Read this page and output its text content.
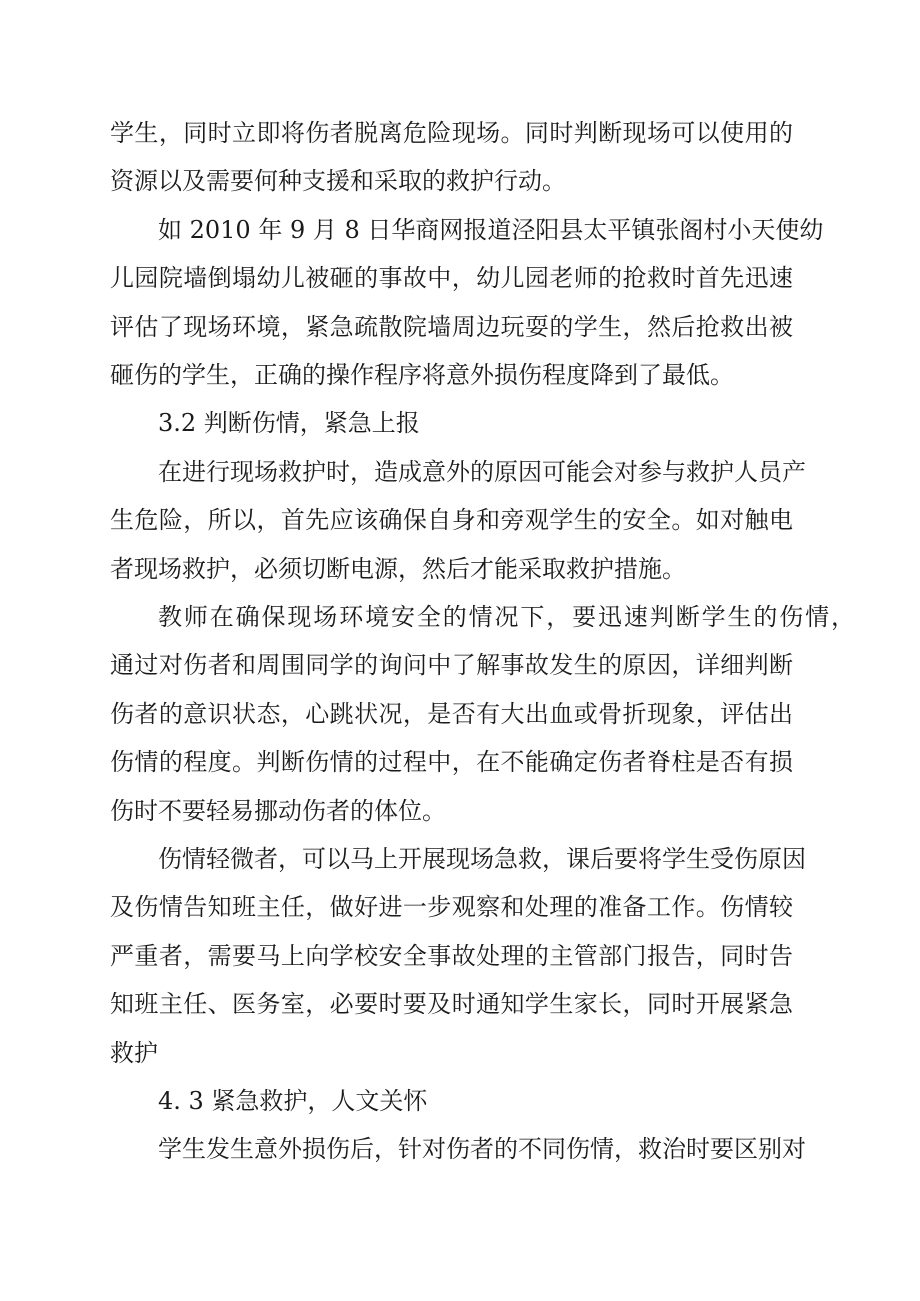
学生，同时立即将伤者脱离危险现场。同时判断现场可以使用的
资源以及需要何种支援和采取的救护行动。
如 2010 年 9 月 8 日华商网报道泾阳县太平镇张阁村小天使幼
儿园院墙倒塌幼儿被砸的事故中，幼儿园老师的抢救时首先迅速
评估了现场环境，紧急疏散院墙周边玩耍的学生，然后抢救出被
砸伤的学生，正确的操作程序将意外损伤程度降到了最低。
3.2 判断伤情，紧急上报
在进行现场救护时，造成意外的原因可能会对参与救护人员产
生危险，所以，首先应该确保自身和旁观学生的安全。如对触电
者现场救护，必须切断电源，然后才能采取救护措施。
教师在确保现场环境安全的情况下，要迅速判断学生的伤情，
通过对伤者和周围同学的询问中了解事故发生的原因，详细判断
伤者的意识状态，心跳状况，是否有大出血或骨折现象，评估出
伤情的程度。判断伤情的过程中，在不能确定伤者脊柱是否有损
伤时不要轻易挪动伤者的体位。
伤情轻微者，可以马上开展现场急救，课后要将学生受伤原因
及伤情告知班主任，做好进一步观察和处理的准备工作。伤情较
严重者，需要马上向学校安全事故处理的主管部门报告，同时告
知班主任、医务室，必要时要及时通知学生家长，同时开展紧急
救护
4. 3 紧急救护，人文关怀
学生发生意外损伤后，针对伤者的不同伤情，救治时要区别对
